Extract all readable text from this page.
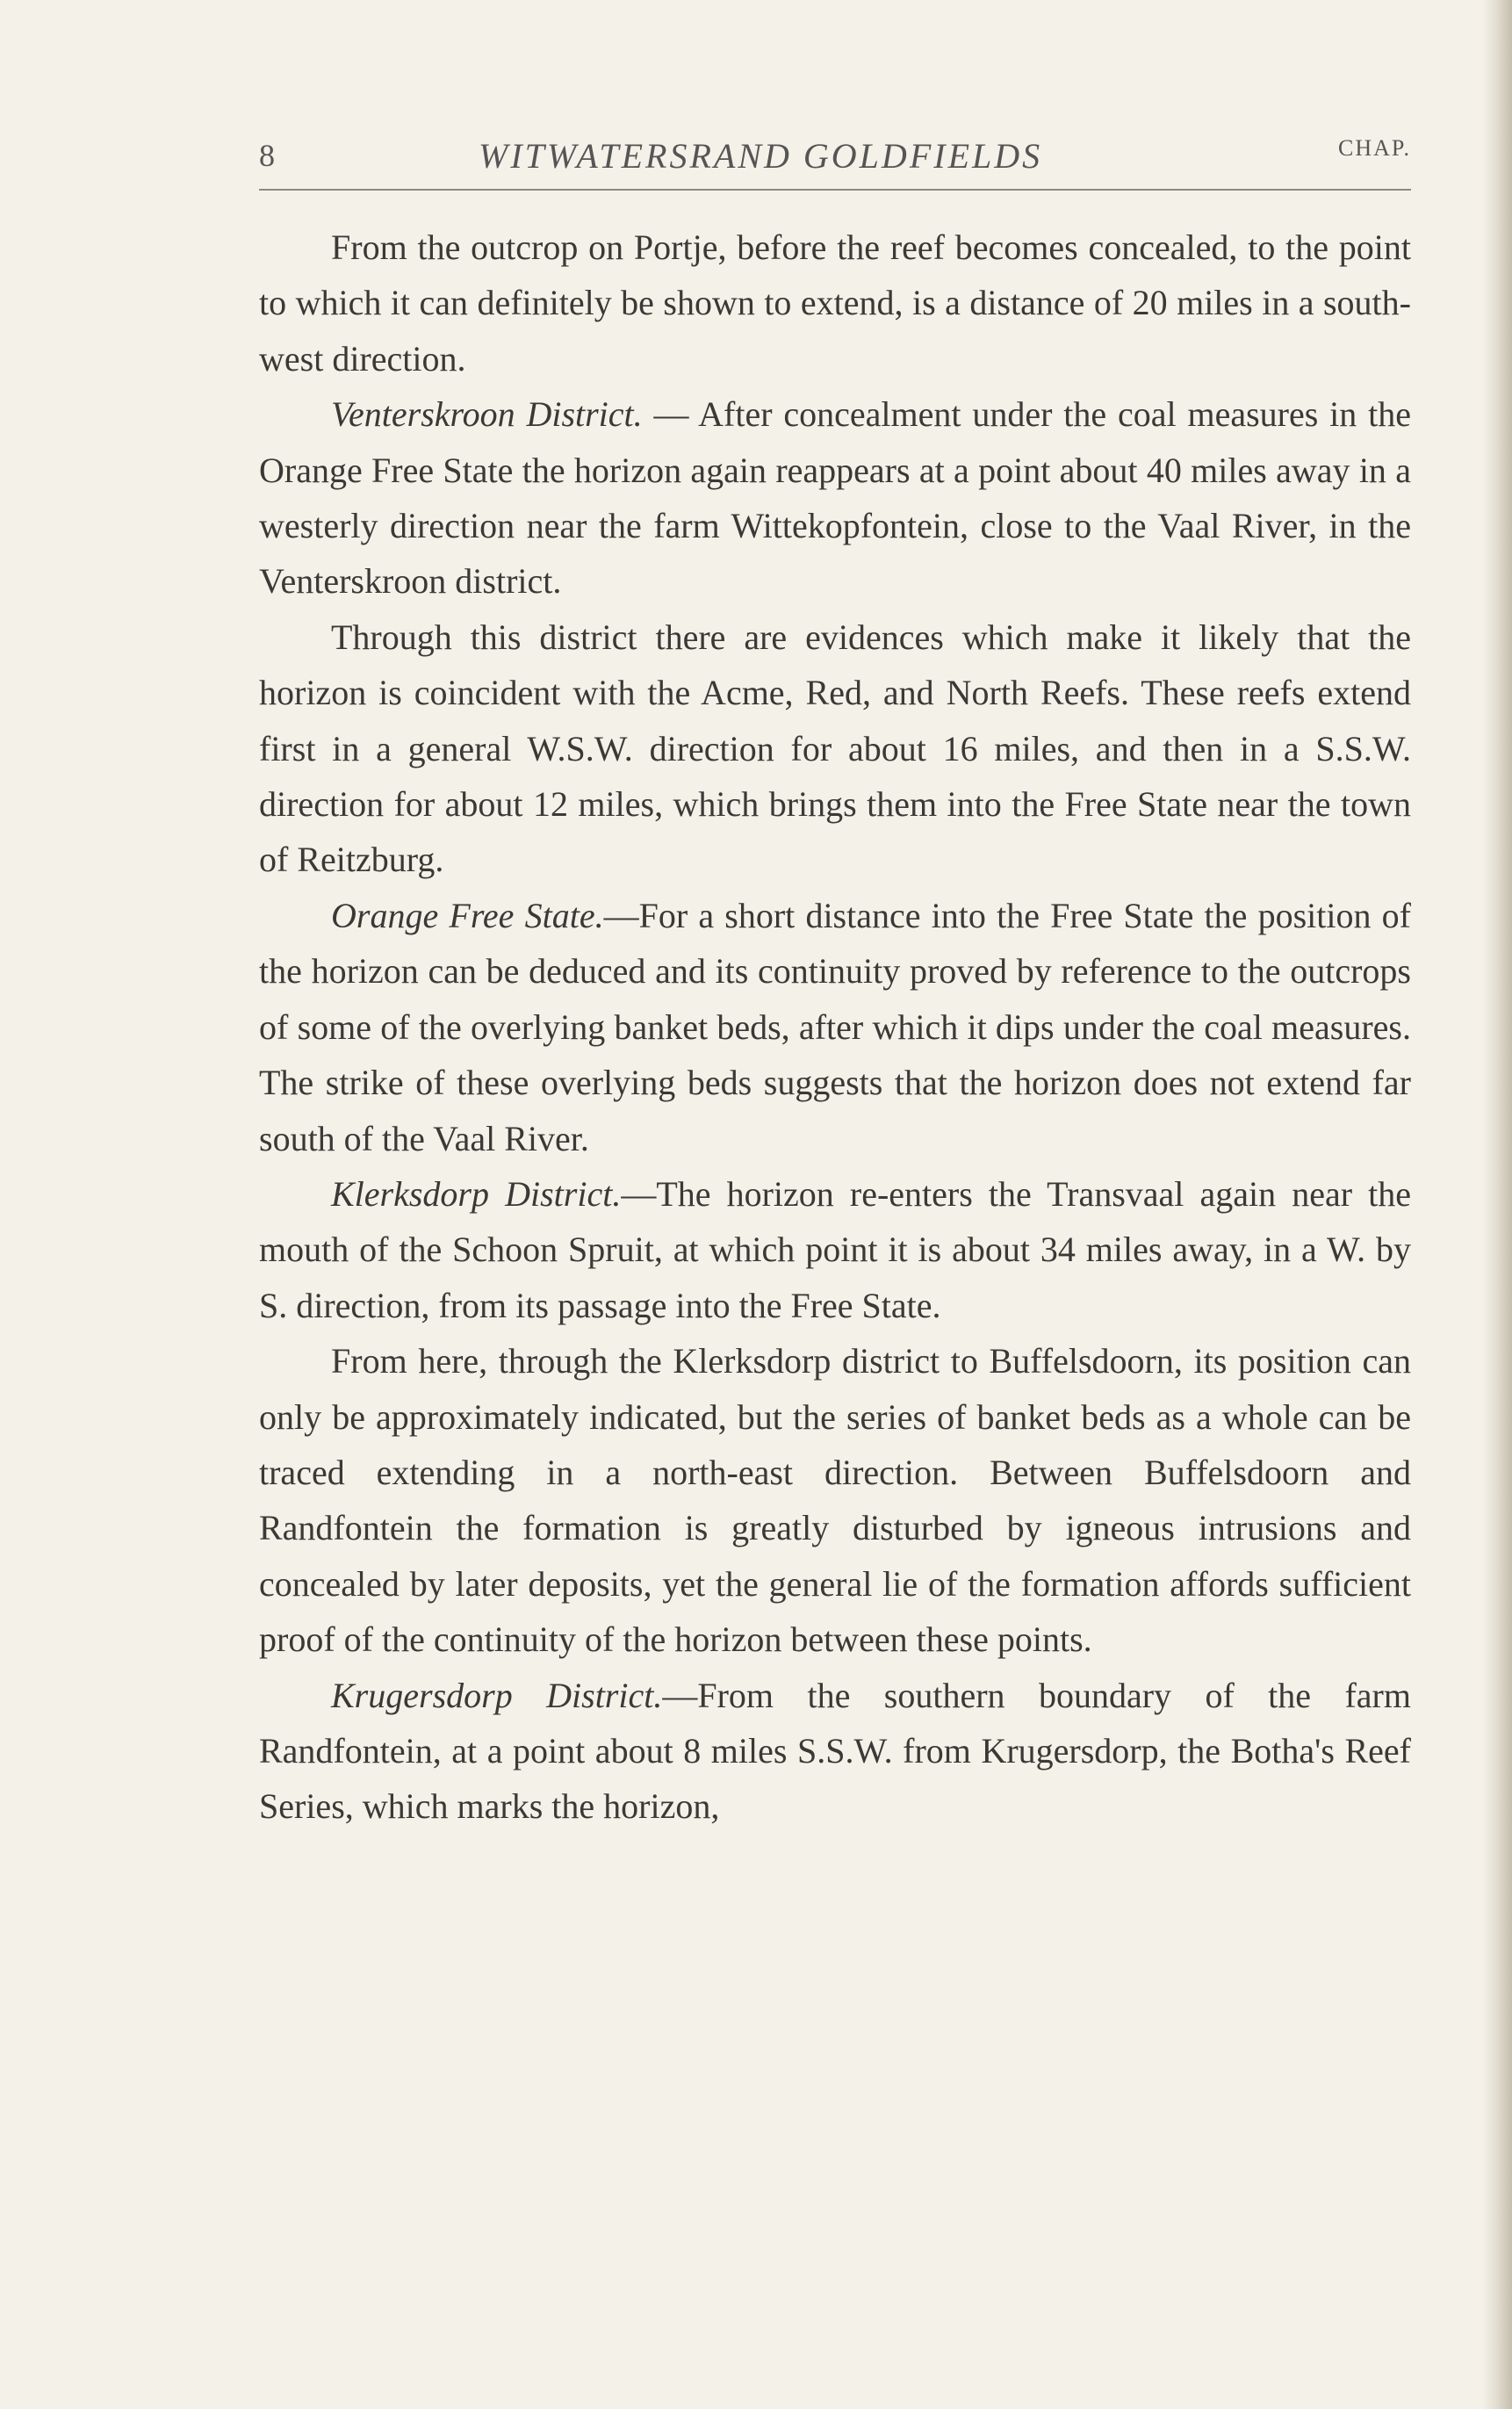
8	WITWATERSRAND GOLDFIELDS	CHAP.

From the outcrop on Portje, before the reef becomes concealed, to the point to which it can definitely be shown to extend, is a distance of 20 miles in a south-west direction.

Venterskroon District. — After concealment under the coal measures in the Orange Free State the horizon again reappears at a point about 40 miles away in a westerly direction near the farm Wittekopfontein, close to the Vaal River, in the Venterskroon district.

Through this district there are evidences which make it likely that the horizon is coincident with the Acme, Red, and North Reefs. These reefs extend first in a general W.S.W. direction for about 16 miles, and then in a S.S.W. direction for about 12 miles, which brings them into the Free State near the town of Reitzburg.

Orange Free State.—For a short distance into the Free State the position of the horizon can be deduced and its continuity proved by reference to the outcrops of some of the overlying banket beds, after which it dips under the coal measures. The strike of these overlying beds suggests that the horizon does not extend far south of the Vaal River.

Klerksdorp District.—The horizon re-enters the Transvaal again near the mouth of the Schoon Spruit, at which point it is about 34 miles away, in a W. by S. direction, from its passage into the Free State.

From here, through the Klerksdorp district to Buffelsdoorn, its position can only be approximately indicated, but the series of banket beds as a whole can be traced extending in a north-east direction. Between Buffelsdoorn and Randfontein the formation is greatly disturbed by igneous intrusions and concealed by later deposits, yet the general lie of the formation affords sufficient proof of the continuity of the horizon between these points.

Krugersdorp District.—From the southern boundary of the farm Randfontein, at a point about 8 miles S.S.W. from Krugersdorp, the Botha's Reef Series, which marks the horizon,
